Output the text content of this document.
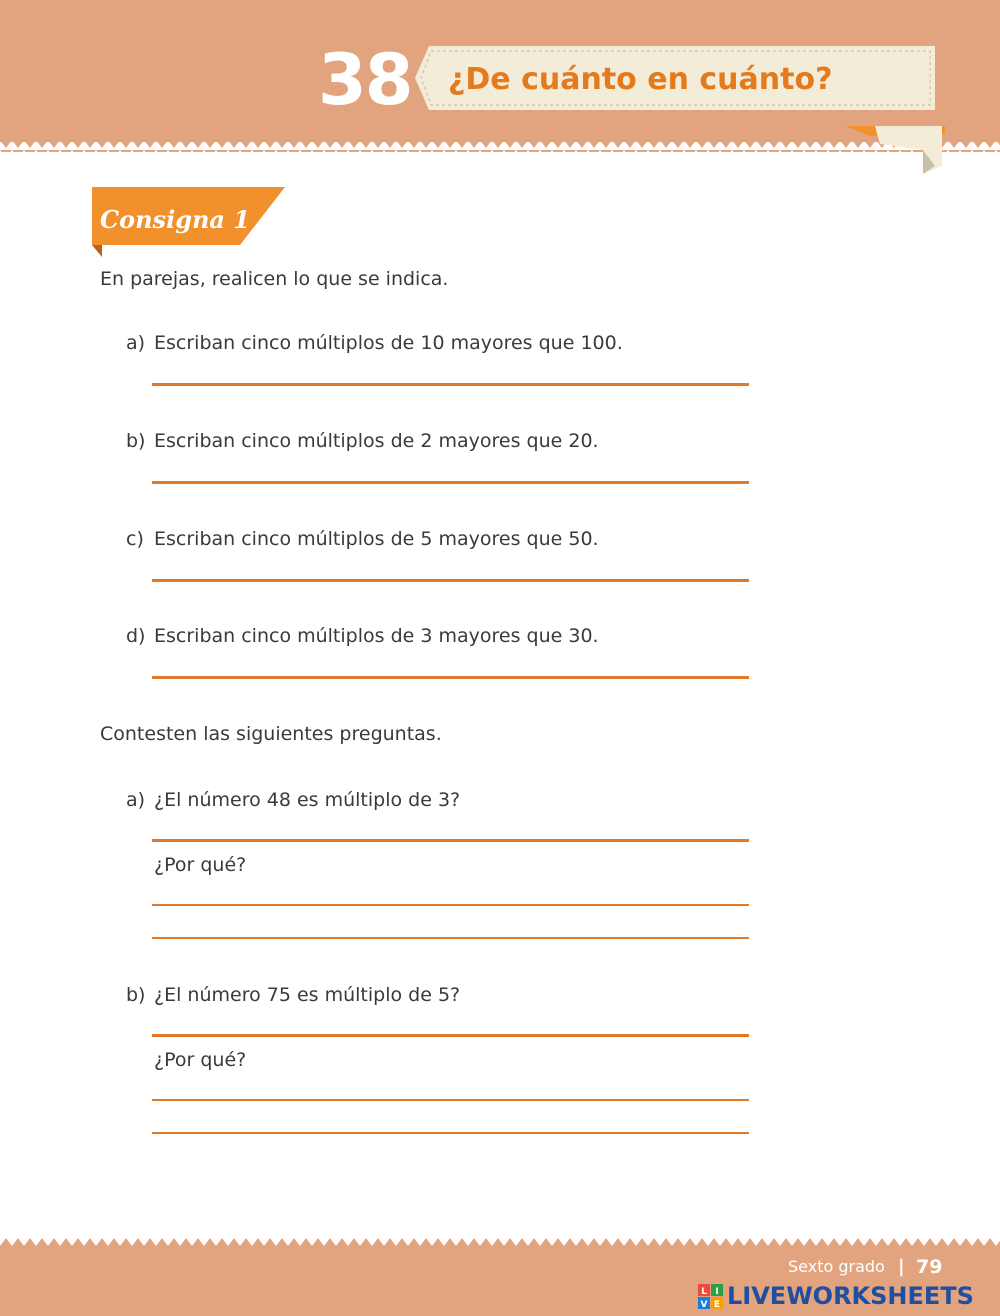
38 ¿De cuánto en cuánto?
Consigna 1
En parejas, realicen lo que se indica.
a) Escriban cinco múltiplos de 10 mayores que 100.
b) Escriban cinco múltiplos de 2 mayores que 20.
c) Escriban cinco múltiplos de 5 mayores que 50.
d) Escriban cinco múltiplos de 3 mayores que 30.
Contesten las siguientes preguntas.
a) ¿El número 48 es múltiplo de 3?
¿Por qué?
b) ¿El número 75 es múltiplo de 5?
¿Por qué?
Sexto grado | 79
L I
V E LIVEWORKSHEETS
